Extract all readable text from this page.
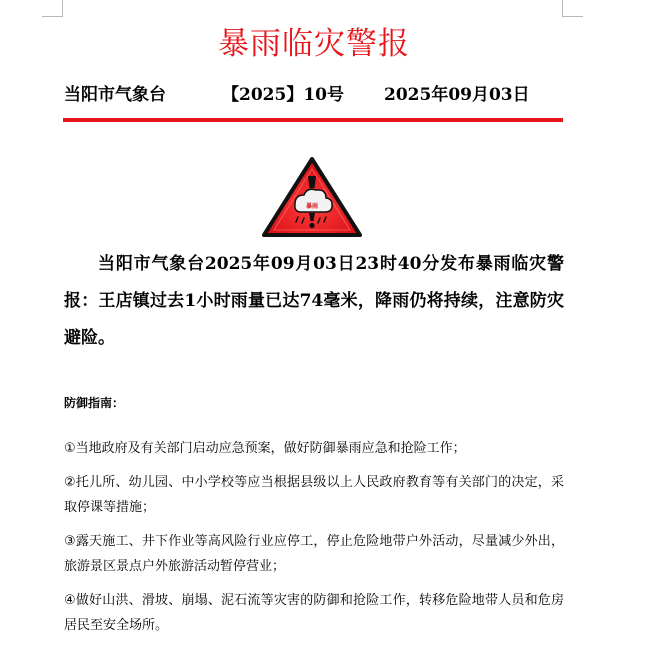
暴雨临灾警报
当阳市气象台	【2025】10号 2025年09月03日
暴雨
当阳市气象台2025年09月03日23时40分发布暴雨临灾警报：王店镇过去1小时雨量已达74毫米，降雨仍将持续，注意防灾避险。
防御指南：
①当地政府及有关部门启动应急预案，做好防御暴雨应急和抢险工作；
②托儿所、幼儿园、中小学校等应当根据县级以上人民政府教育等有关部门的决定，采取停课等措施；
③露天施工、井下作业等高风险行业应停工，停止危险地带户外活动，尽量减少外出，旅游景区景点户外旅游活动暂停营业；
④做好山洪、滑坡、崩塌、泥石流等灾害的防御和抢险工作，转移危险地带人员和危房居民至安全场所。
